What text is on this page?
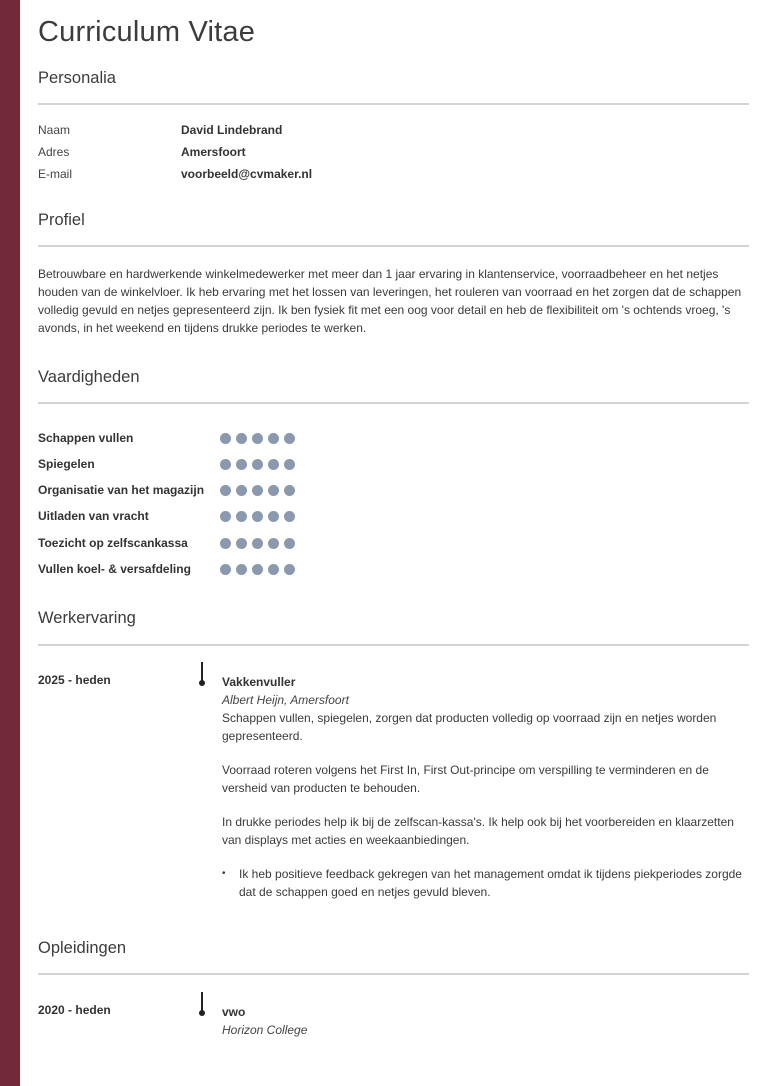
Curriculum Vitae
Personalia
Naam	David Lindebrand
Adres	Amersfoort
E-mail	voorbeeld@cvmaker.nl
Profiel
Betrouwbare en hardwerkende winkelmedewerker met meer dan 1 jaar ervaring in klantenservice, voorraadbeheer en het netjes houden van de winkelvloer. Ik heb ervaring met het lossen van leveringen, het rouleren van voorraad en het zorgen dat de schappen volledig gevuld en netjes gepresenteerd zijn. Ik ben fysiek fit met een oog voor detail en heb de flexibiliteit om 's ochtends vroeg, 's avonds, in het weekend en tijdens drukke periodes te werken.
Vaardigheden
Schappen vullen
Spiegelen
Organisatie van het magazijn
Uitladen van vracht
Toezicht op zelfscankassa
Vullen koel- & versafdeling
Werkervaring
2025 - heden	Vakkenvuller
Albert Heijn, Amersfoort

Schappen vullen, spiegelen, zorgen dat producten volledig op voorraad zijn en netjes worden gepresenteerd.

Voorraad roteren volgens het First In, First Out-principe om verspilling te verminderen en de versheid van producten te behouden.

In drukke periodes help ik bij de zelfscan-kassa's. Ik help ook bij het voorbereiden en klaarzetten van displays met acties en weekaanbiedingen.

• Ik heb positieve feedback gekregen van het management omdat ik tijdens piekperiodes zorgde dat de schappen goed en netjes gevuld bleven.
Opleidingen
2020 - heden	vwo
Horizon College
